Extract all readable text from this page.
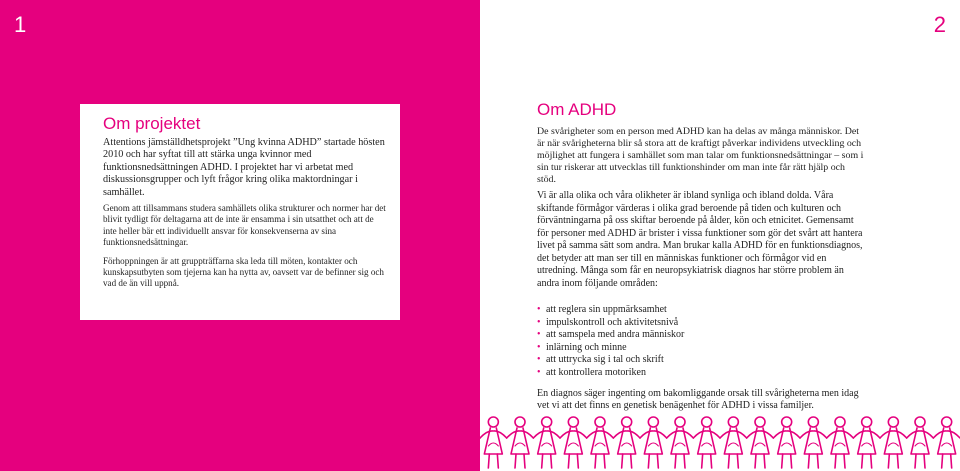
1
Om projektet

Attentions jämställdhetsprojekt ”Ung kvinna ADHD” startade hösten 2010 och har syftat till att stärka unga kvinnor med funktionsnedsättningen ADHD. I projektet har vi arbetat med diskussionsgrupper och lyft frågor kring olika maktordningar i samhället.

Genom att tillsammans studera samhällets olika strukturer och normer har det blivit tydligt för deltagarna att de inte är ensamma i sin utsatthet och att de inte heller bär ett individuellt ansvar för konsekvenserna av sina funktionsnedsättningar.

Förhoppningen är att gruppträffarna ska leda till möten, kontakter och kunskapsutbyten som tjejerna kan ha nytta av, oavsett var de befinner sig och vad de än vill uppnå.

2
Om ADHD

De svårigheter som en person med ADHD kan ha delas av många människor. Det är när svårigheterna blir så stora att de kraftigt påverkar individens utveckling och möjlighet att fungera i samhället som man talar om funktionsnedsättningar – som i sin tur riskerar att utvecklas till funktionshinder om man inte får rätt hjälp och stöd.

Vi är alla olika och våra olikheter är ibland synliga och ibland dolda. Våra skiftande förmågor värderas i olika grad beroende på tiden och kulturen och förväntningarna på oss skiftar beroende på ålder, kön och etnicitet. Gemensamt för personer med ADHD är brister i vissa funktioner som gör det svårt att hantera livet på samma sätt som andra. Man brukar kalla ADHD för en funktionsdiagnos, det betyder att man ser till en människas funktioner och förmågor vid en utredning. Många som får en neuropsykiatrisk diagnos har större problem än andra inom följande områden:

• att reglera sin uppmärksamhet
• impulskontroll och aktivitetsnivå
• att samspela med andra människor
• inlärning och minne
• att uttrycka sig i tal och skrift
• att kontrollera motoriken

En diagnos säger ingenting om bakomliggande orsak till svårigheterna men idag vet vi att det finns en genetisk benägenhet för ADHD i vissa familjer.
